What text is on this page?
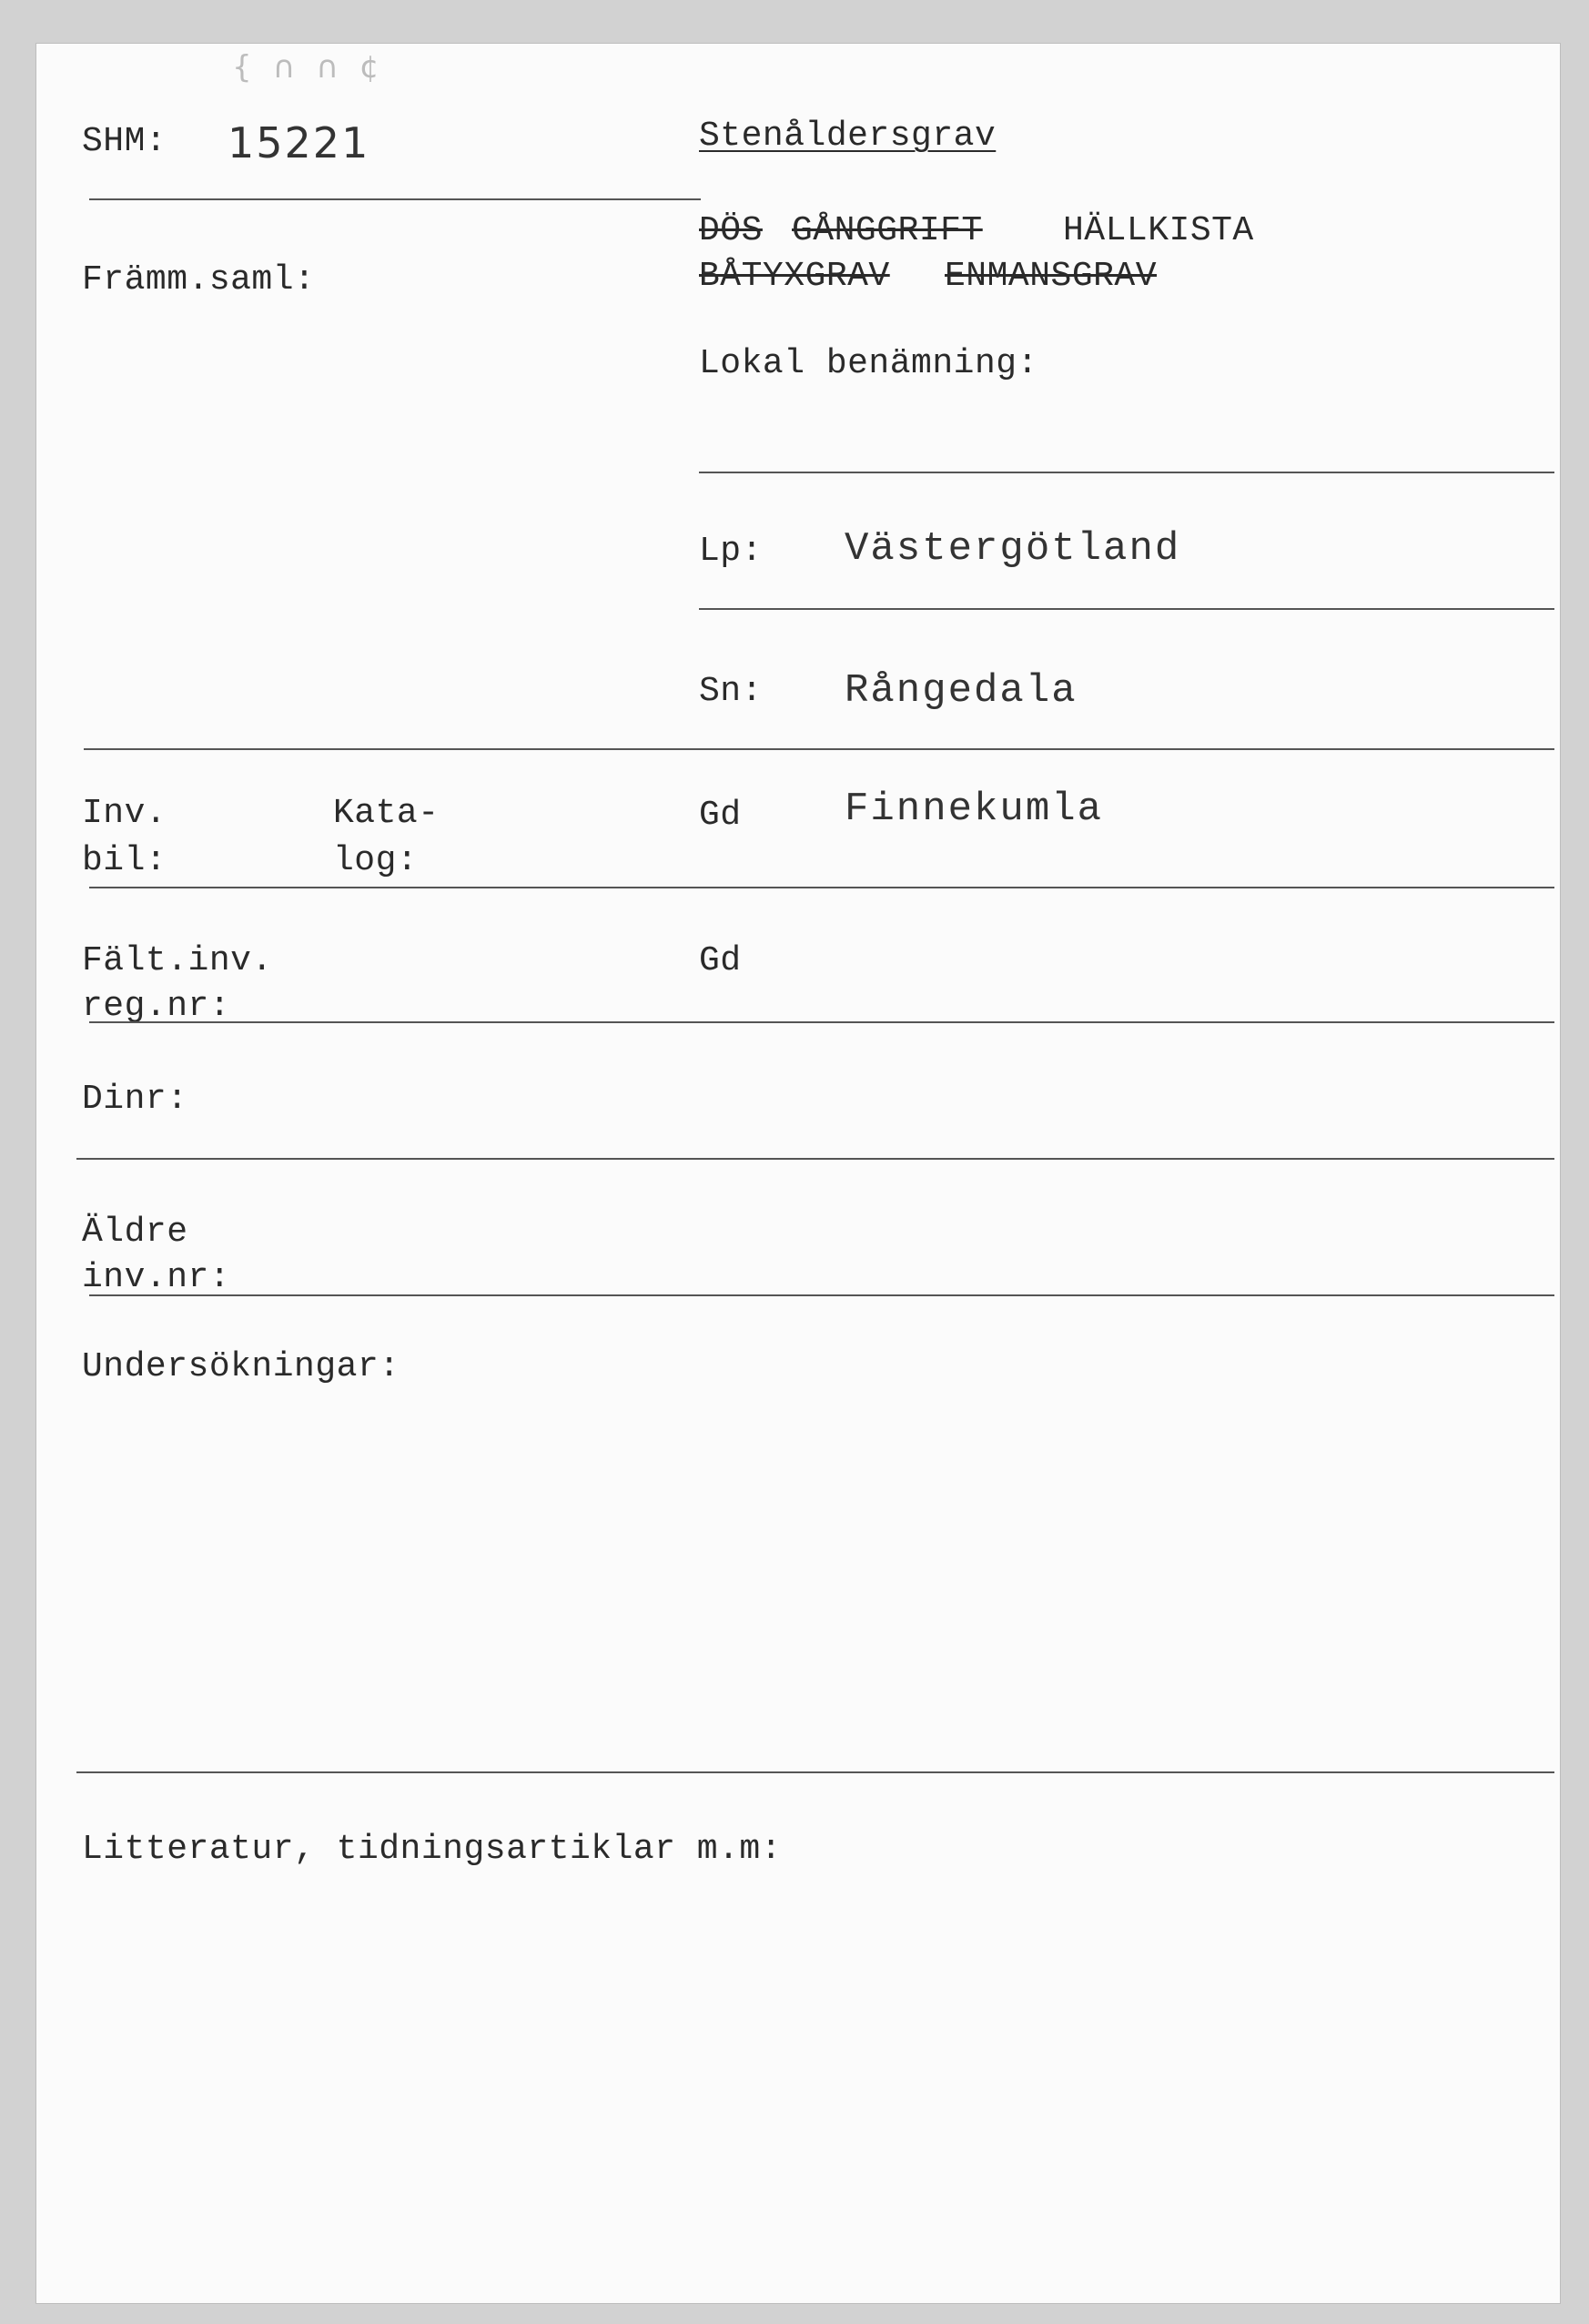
{ ∩ ∩ ¢
SHM: 15221
Främm.saml:
Stenåldersgrav
DÖS GÅNGGRIFT HÄLLKISTA
BÅTYXGRAV ENMANSGRAV
Lokal benämning:
Lp: Västergötland
Sn: Rångedala
Inv.
bil:
Kata-
log:
Gd	Finnekumla
Fält.inv.
reg.nr:
Gd
Dinr:
Äldre
inv.nr:
Undersökningar:
Litteratur, tidningsartiklar m.m:
